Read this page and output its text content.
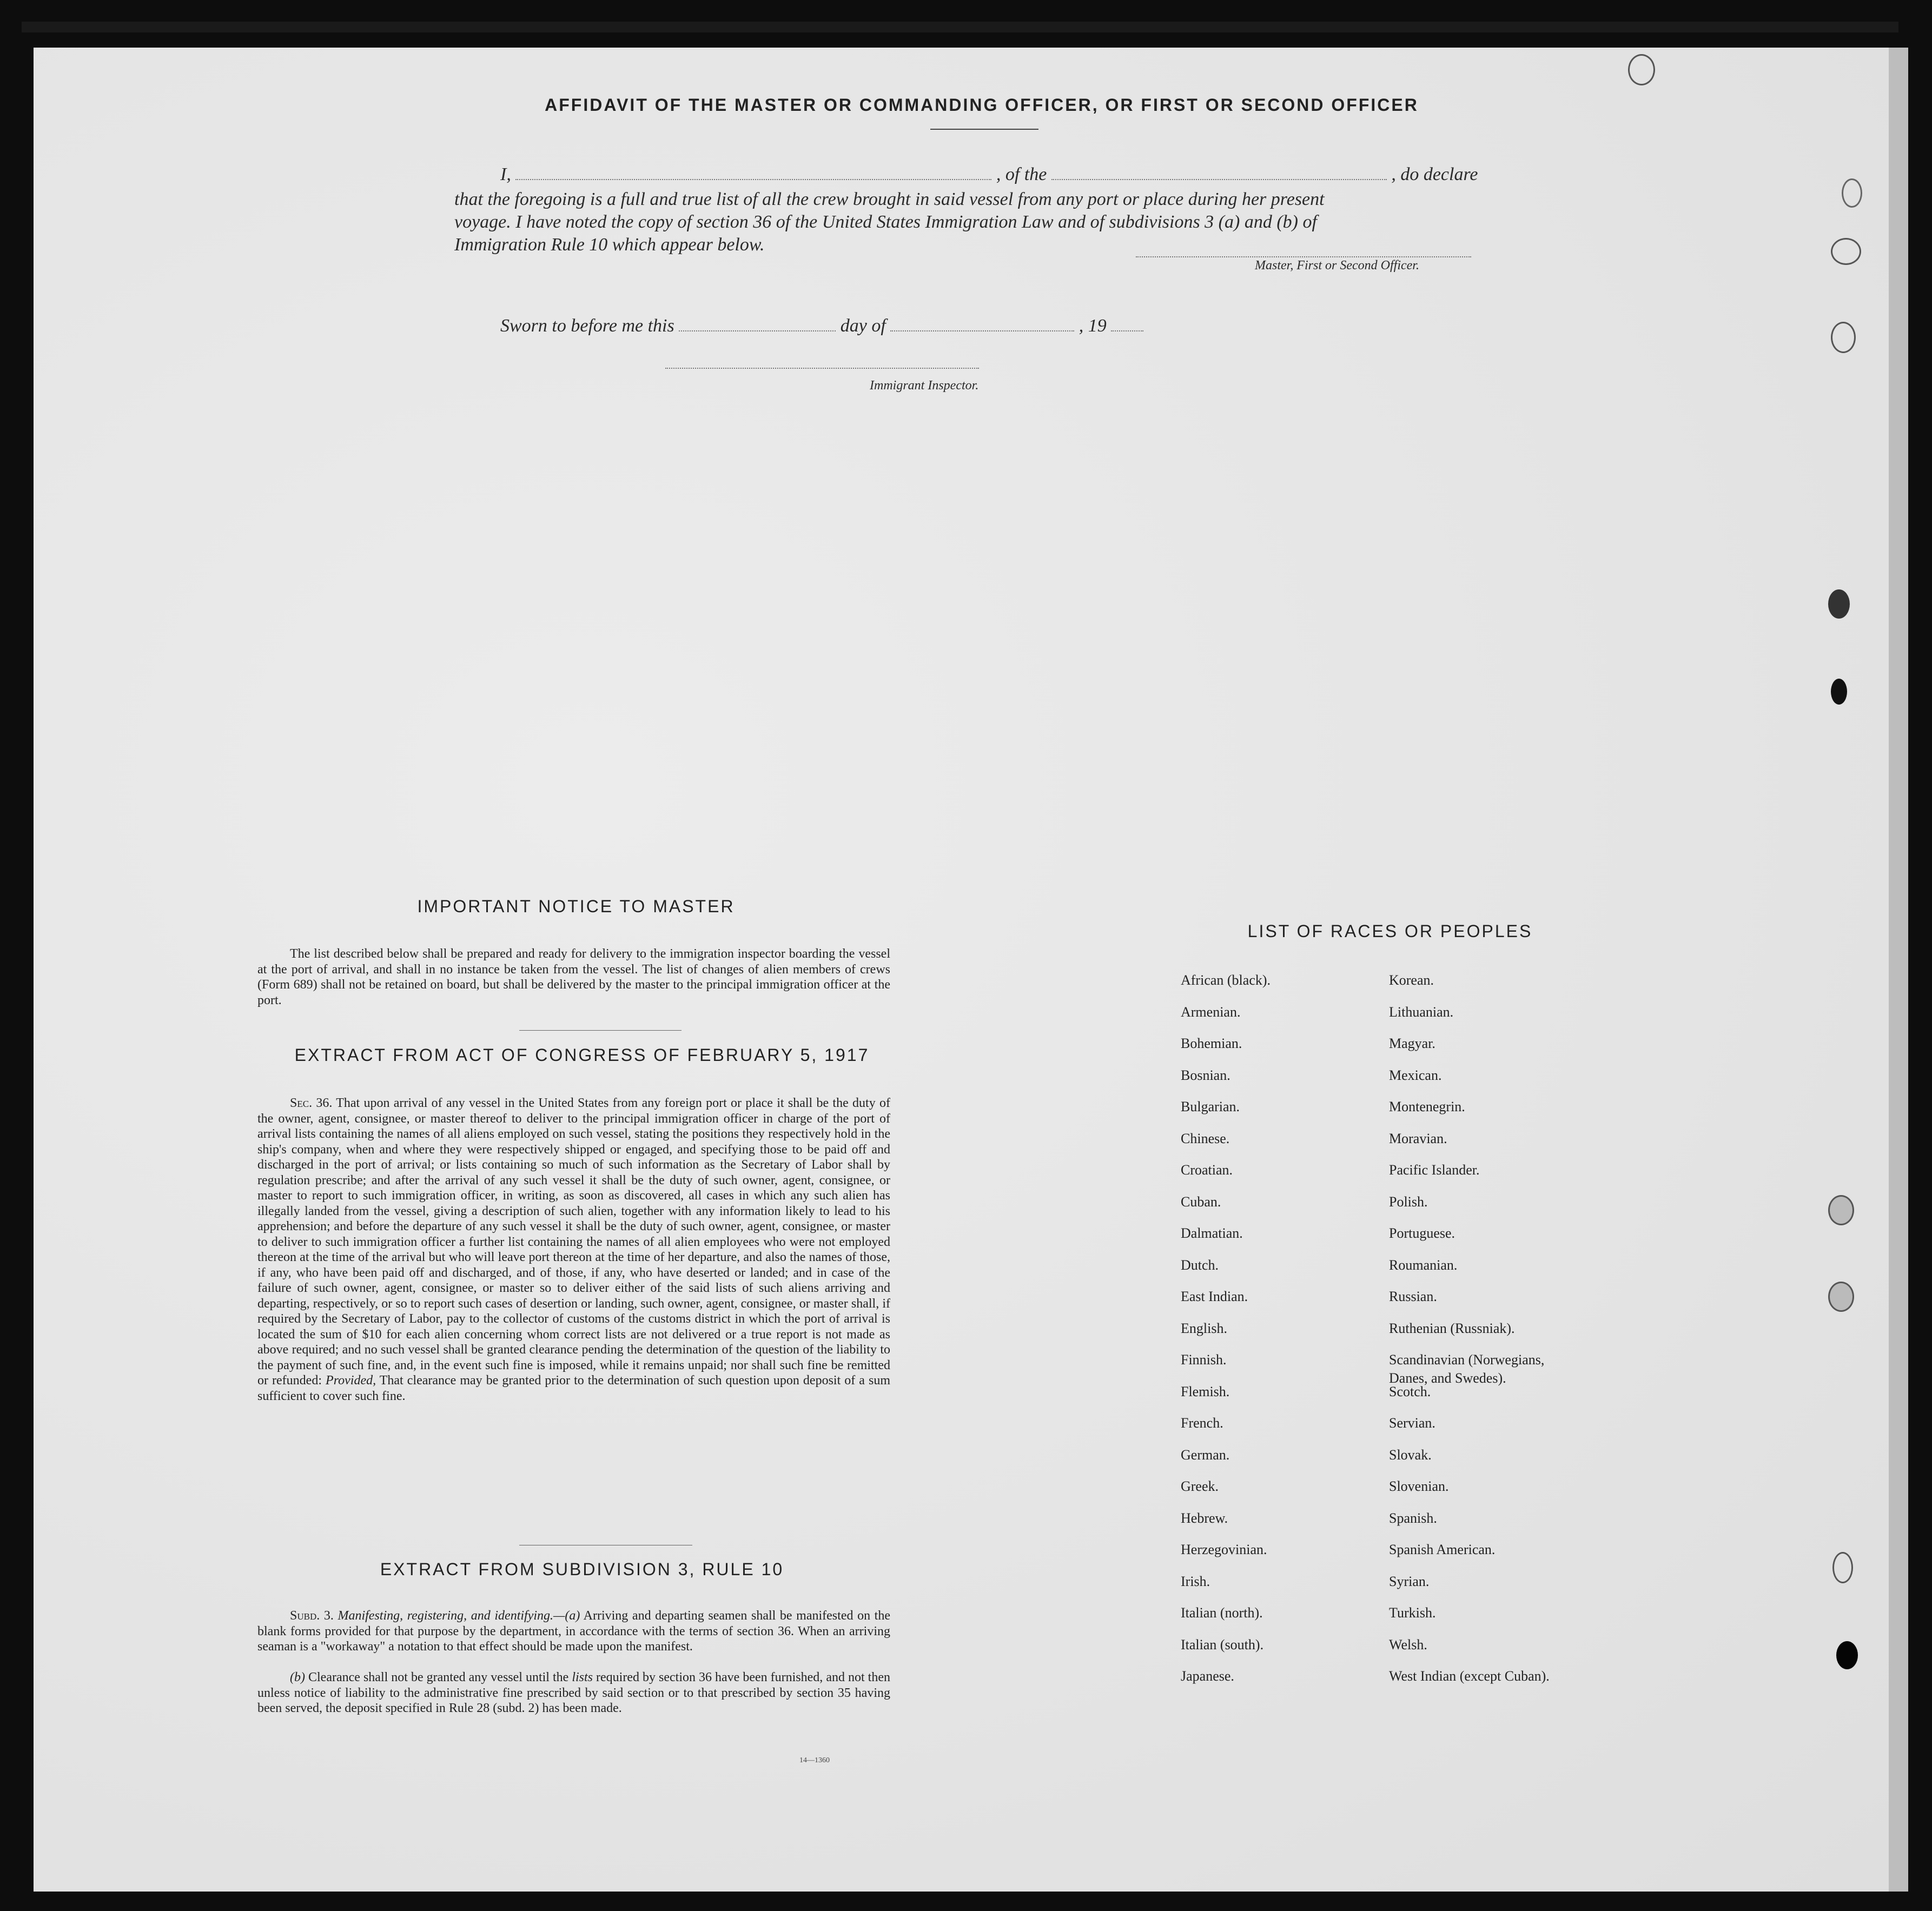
AFFIDAVIT OF THE MASTER OR COMMANDING OFFICER, OR FIRST OR SECOND OFFICER
I,	, of the	, do declare
that the foregoing is a full and true list of all the crew brought in said vessel from any port or place during her present
voyage. I have noted the copy of section 36 of the United States Immigration Law and of subdivisions 3 (a) and (b) of
Immigration Rule 10 which appear below.
Master, First or Second Officer.
Sworn to before me this	day of	, 19
Immigrant Inspector.
IMPORTANT NOTICE TO MASTER
The list described below shall be prepared and ready for delivery to the immigration inspector boarding the vessel at the port of arrival, and shall in no instance be taken from the vessel. The list of changes of alien members of crews (Form 689) shall not be retained on board, but shall be delivered by the master to the principal immigration officer at the port.
EXTRACT FROM ACT OF CONGRESS OF FEBRUARY 5, 1917
Sec. 36. That upon arrival of any vessel in the United States from any foreign port or place it shall be the duty of the owner, agent, consignee, or master thereof to deliver to the principal immigration officer in charge of the port of arrival lists containing the names of all aliens employed on such vessel, stating the positions they respectively hold in the ship's company, when and where they were respectively shipped or engaged, and specifying those to be paid off and discharged in the port of arrival; or lists containing so much of such information as the Secretary of Labor shall by regulation prescribe; and after the arrival of any such vessel it shall be the duty of such owner, agent, consignee, or master to report to such immigration officer, in writing, as soon as discovered, all cases in which any such alien has illegally landed from the vessel, giving a description of such alien, together with any information likely to lead to his apprehension; and before the departure of any such vessel it shall be the duty of such owner, agent, consignee, or master to deliver to such immigration officer a further list containing the names of all alien employees who were not employed thereon at the time of the arrival but who will leave port thereon at the time of her departure, and also the names of those, if any, who have been paid off and discharged, and of those, if any, who have deserted or landed; and in case of the failure of such owner, agent, consignee, or master so to deliver either of the said lists of such aliens arriving and departing, respectively, or so to report such cases of desertion or landing, such owner, agent, consignee, or master shall, if required by the Secretary of Labor, pay to the collector of customs of the customs district in which the port of arrival is located the sum of $10 for each alien concerning whom correct lists are not delivered or a true report is not made as above required; and no such vessel shall be granted clearance pending the determination of the question of the liability to the payment of such fine, and, in the event such fine is imposed, while it remains unpaid; nor shall such fine be remitted or refunded: Provided, That clearance may be granted prior to the determination of such question upon deposit of a sum sufficient to cover such fine.
EXTRACT FROM SUBDIVISION 3, RULE 10
Subd. 3. Manifesting, registering, and identifying.—(a) Arriving and departing seamen shall be manifested on the blank forms provided for that purpose by the department, in accordance with the terms of section 36. When an arriving seaman is a "workaway" a notation to that effect should be made upon the manifest.
(b) Clearance shall not be granted any vessel until the lists required by section 36 have been furnished, and not then unless notice of liability to the administrative fine prescribed by said section or to that prescribed by section 35 having been served, the deposit specified in Rule 28 (subd. 2) has been made.
14—1360
LIST OF RACES OR PEOPLES
African (black).
Armenian.
Bohemian.
Bosnian.
Bulgarian.
Chinese.
Croatian.
Cuban.
Dalmatian.
Dutch.
East Indian.
English.
Finnish.
Flemish.
French.
German.
Greek.
Hebrew.
Herzegovinian.
Irish.
Italian (north).
Italian (south).
Japanese.
Korean.
Lithuanian.
Magyar.
Mexican.
Montenegrin.
Moravian.
Pacific Islander.
Polish.
Portuguese.
Roumanian.
Russian.
Ruthenian (Russniak).
Scandinavian (Norwegians,
Danes, and Swedes).
Scotch.
Servian.
Slovak.
Slovenian.
Spanish.
Spanish American.
Syrian.
Turkish.
Welsh.
West Indian (except Cuban).
